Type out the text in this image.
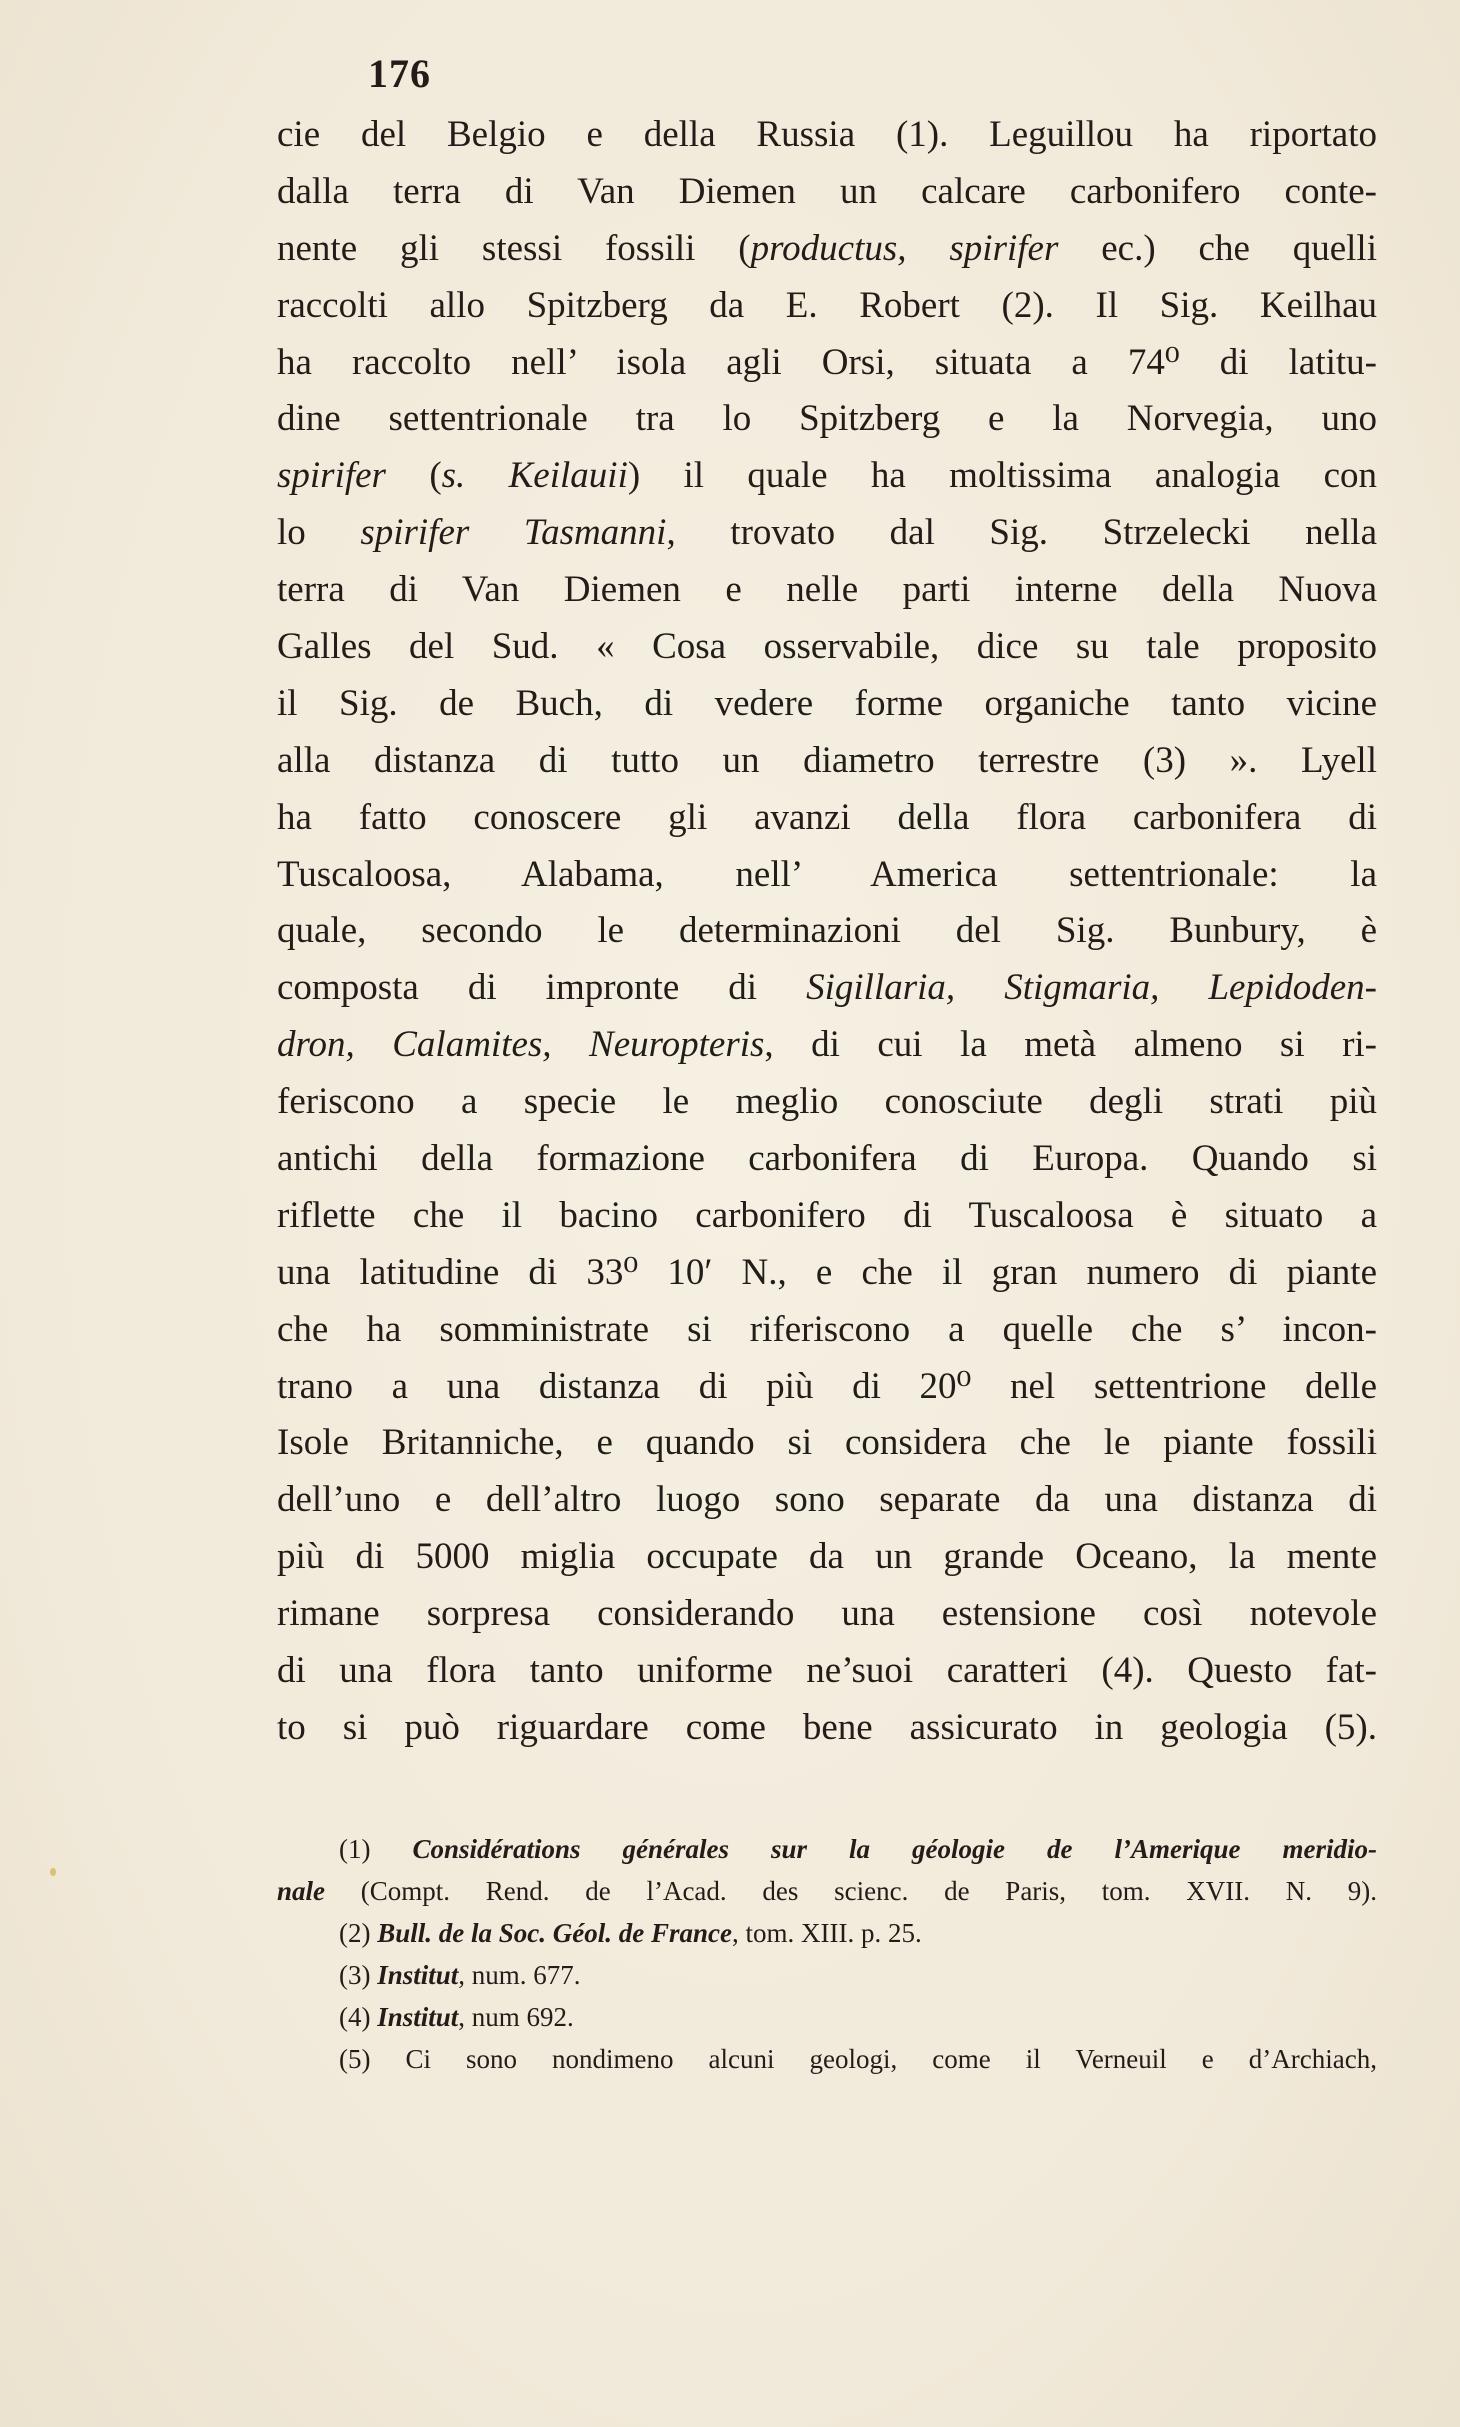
176
cie del Belgio e della Russia (1). Leguillou ha riportato
dalla terra di Van Diemen un calcare carbonifero conte-
nente gli stessi fossili (productus, spirifer ec.) che quelli
raccolti allo Spitzberg da E. Robert (2). Il Sig. Keilhau
ha raccolto nell’ isola agli Orsi, situata a 74⁰ di latitu-
dine settentrionale tra lo Spitzberg e la Norvegia, uno
spirifer (s. Keilauii) il quale ha moltissima analogia con
lo spirifer Tasmanni, trovato dal Sig. Strzelecki nella
terra di Van Diemen e nelle parti interne della Nuova
Galles del Sud. « Cosa osservabile, dice su tale proposito
il Sig. de Buch, di vedere forme organiche tanto vicine
alla distanza di tutto un diametro terrestre (3) ». Lyell
ha fatto conoscere gli avanzi della flora carbonifera di
Tuscaloosa, Alabama, nell’ America settentrionale: la
quale, secondo le determinazioni del Sig. Bunbury, è
composta di impronte di Sigillaria, Stigmaria, Lepidoden-
dron, Calamites, Neuropteris, di cui la metà almeno si ri-
feriscono a specie le meglio conosciute degli strati più
antichi della formazione carbonifera di Europa. Quando si
riflette che il bacino carbonifero di Tuscaloosa è situato a
una latitudine di 33⁰ 10′ N., e che il gran numero di piante
che ha somministrate si riferiscono a quelle che s’ incon-
trano a una distanza di più di 20⁰ nel settentrione delle
Isole Britanniche, e quando si considera che le piante fossili
dell’uno e dell’altro luogo sono separate da una distanza di
più di 5000 miglia occupate da un grande Oceano, la mente
rimane sorpresa considerando una estensione così notevole
di una flora tanto uniforme ne’suoi caratteri (4). Questo fat-
to si può riguardare come bene assicurato in geologia (5).
(1) Considérations générales sur la géologie de l’Amerique meridio-
nale (Compt. Rend. de l’Acad. des scienc. de Paris, tom. XVII. N. 9).
(2) Bull. de la Soc. Géol. de France, tom. XIII. p. 25.
(3) Institut, num. 677.
(4) Institut, num 692.
(5) Ci sono nondimeno alcuni geologi, come il Verneuil e d’Archiach,
